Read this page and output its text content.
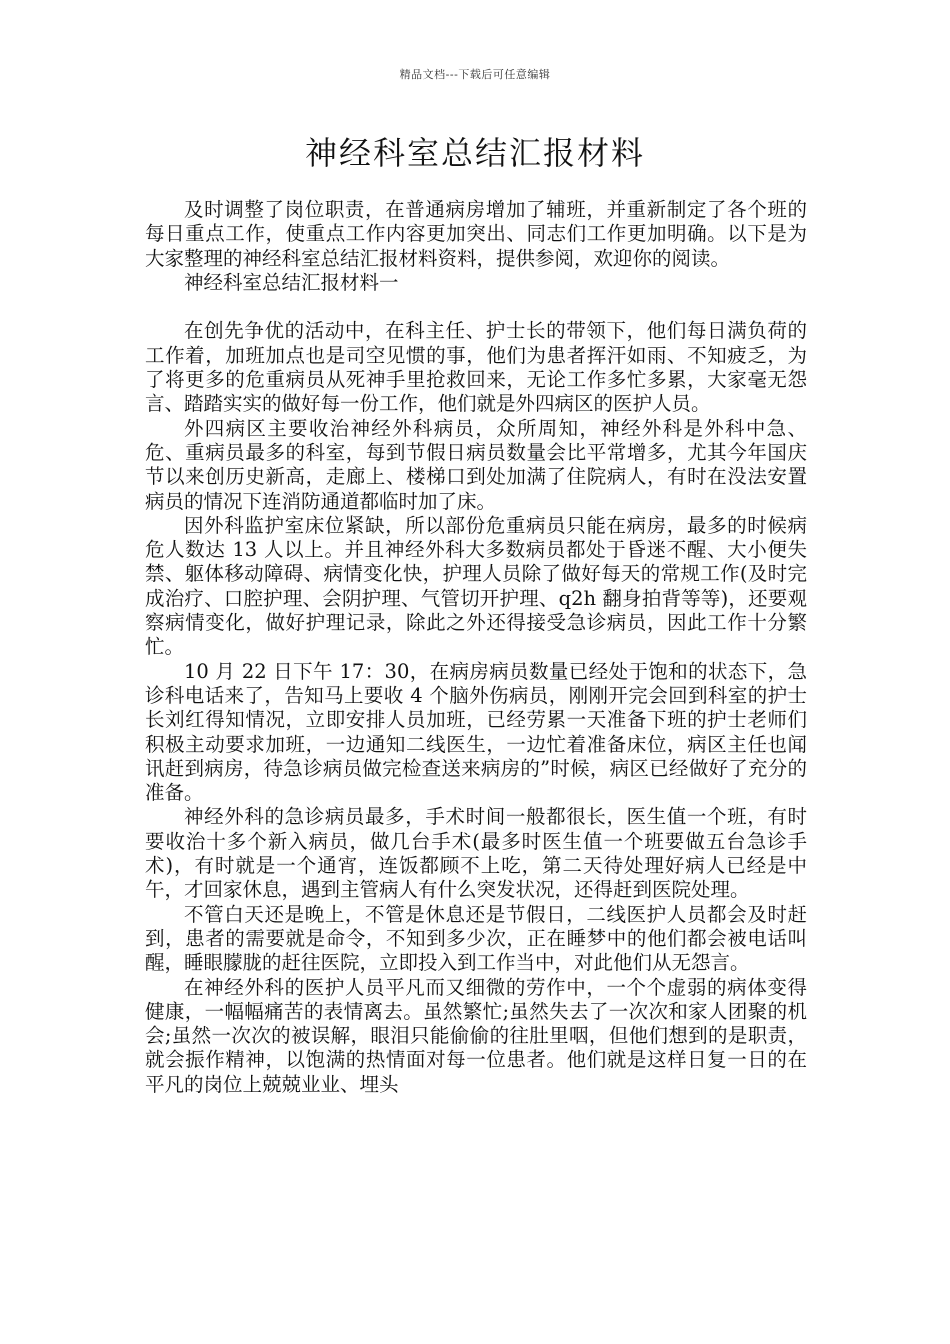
精品文档---下载后可任意编辑
神经科室总结汇报材料

及时调整了岗位职责，在普通病房增加了辅班，并重新制定了各个班的每日重点工作，使重点工作内容更加突出、同志们工作更加明确。以下是为大家整理的神经科室总结汇报材料资料，提供参阅，欢迎你的阅读。

神经科室总结汇报材料一

在创先争优的活动中，在科主任、护士长的带领下，他们每日满负荷的工作着，加班加点也是司空见惯的事，他们为患者挥汗如雨、不知疲乏，为了将更多的危重病员从死神手里抢救回来，无论工作多忙多累，大家毫无怨言、踏踏实实的做好每一份工作，他们就是外四病区的医护人员。

外四病区主要收治神经外科病员，众所周知，神经外科是外科中急、危、重病员最多的科室，每到节假日病员数量会比平常增多，尤其今年国庆节以来创历史新高，走廊上、楼梯口到处加满了住院病人，有时在没法安置病员的情况下连消防通道都临时加了床。

因外科监护室床位紧缺，所以部份危重病员只能在病房，最多的时候病危人数达 13 人以上。并且神经外科大多数病员都处于昏迷不醒、大小便失禁、躯体移动障碍、病情变化快，护理人员除了做好每天的常规工作(及时完成治疗、口腔护理、会阴护理、气管切开护理、q2h 翻身拍背等等)，还要观察病情变化，做好护理记录，除此之外还得接受急诊病员，因此工作十分繁忙。

10 月 22 日下午 17：30，在病房病员数量已经处于饱和的状态下，急诊科电话来了，告知马上要收 4 个脑外伤病员，刚刚开完会回到科室的护士长刘红得知情况，立即安排人员加班，已经劳累一天准备下班的护士老师们积极主动要求加班，一边通知二线医生，一边忙着准备床位，病区主任也闻讯赶到病房，待急诊病员做完检查送来病房的”时候，病区已经做好了充分的准备。

神经外科的急诊病员最多，手术时间一般都很长，医生值一个班，有时要收治十多个新入病员，做几台手术(最多时医生值一个班要做五台急诊手术)，有时就是一个通宵，连饭都顾不上吃，第二天待处理好病人已经是中午，才回家休息，遇到主管病人有什么突发状况，还得赶到医院处理。

不管白天还是晚上，不管是休息还是节假日，二线医护人员都会及时赶到，患者的需要就是命令，不知到多少次，正在睡梦中的他们都会被电话叫醒，睡眼朦胧的赶往医院，立即投入到工作当中，对此他们从无怨言。

在神经外科的医护人员平凡而又细微的劳作中，一个个虚弱的病体变得健康，一幅幅痛苦的表情离去。虽然繁忙;虽然失去了一次次和家人团聚的机会;虽然一次次的被误解，眼泪只能偷偷的往肚里咽，但他们想到的是职责，就会振作精神，以饱满的热情面对每一位患者。他们就是这样日复一日的在平凡的岗位上兢兢业业、埋头
